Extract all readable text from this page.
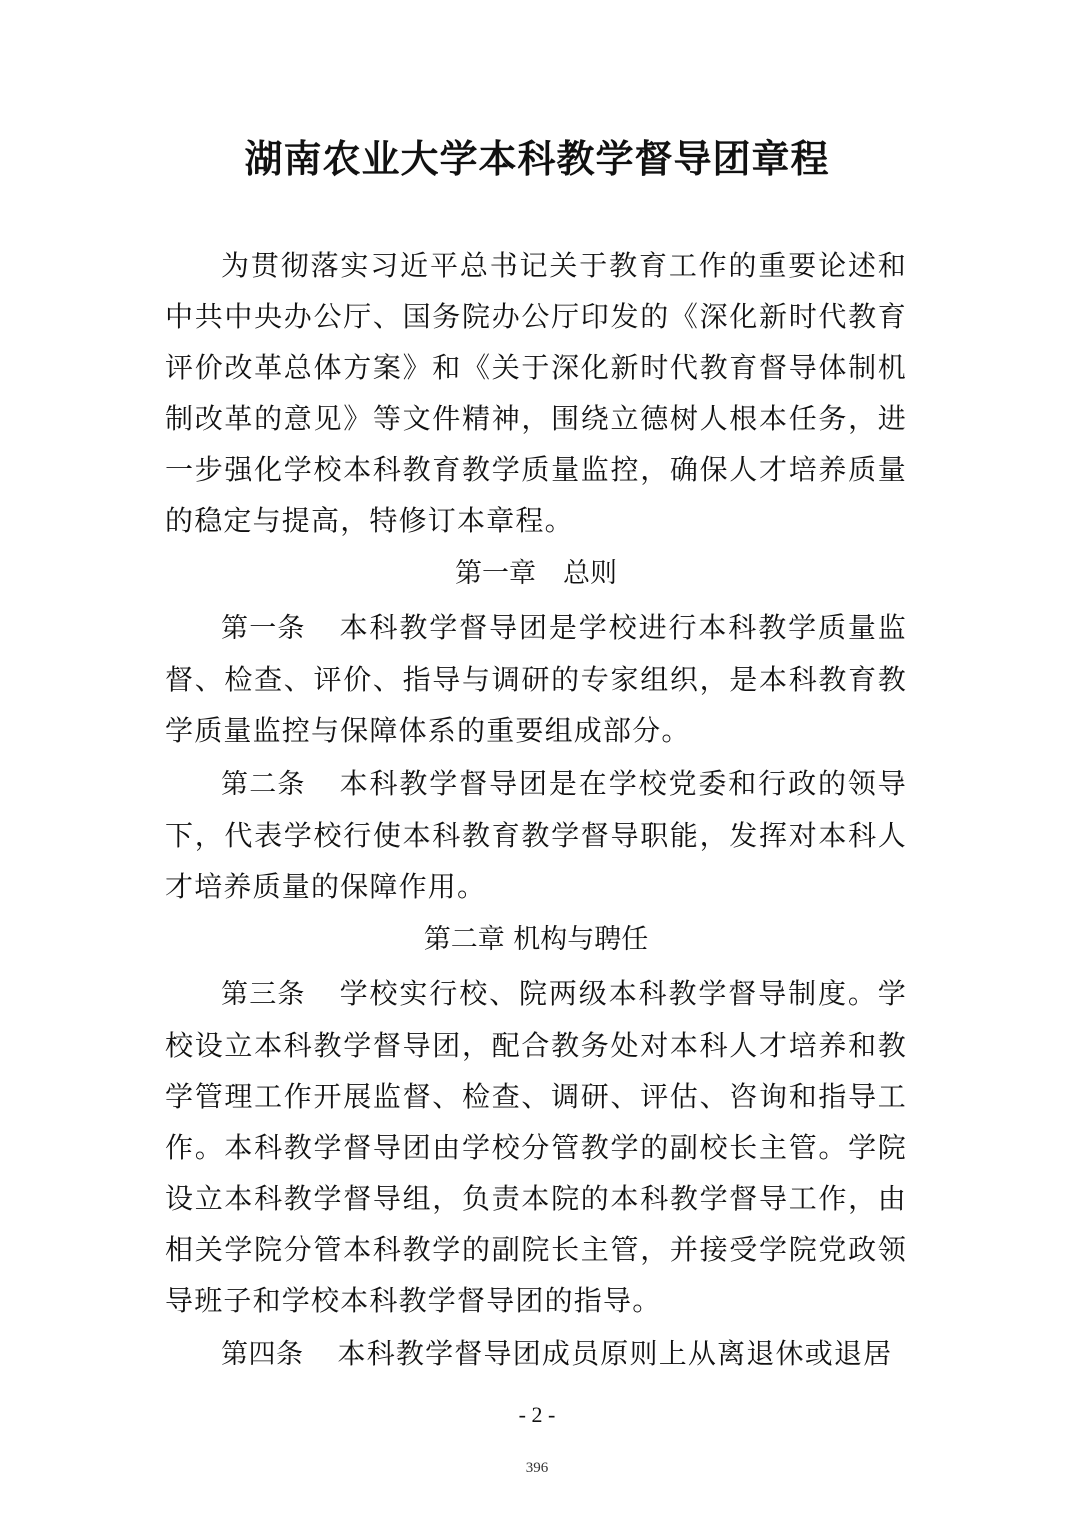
湖南农业大学本科教学督导团章程

为贯彻落实习近平总书记关于教育工作的重要论述和中共中央办公厅、国务院办公厅印发的《深化新时代教育评价改革总体方案》和《关于深化新时代教育督导体制机制改革的意见》等文件精神，围绕立德树人根本任务，进一步强化学校本科教育教学质量监控，确保人才培养质量的稳定与提高，特修订本章程。

第一章　总则

第一条 本科教学督导团是学校进行本科教学质量监督、检查、评价、指导与调研的专家组织，是本科教育教学质量监控与保障体系的重要组成部分。

第二条 本科教学督导团是在学校党委和行政的领导下，代表学校行使本科教育教学督导职能，发挥对本科人才培养质量的保障作用。

第二章 机构与聘任

第三条 学校实行校、院两级本科教学督导制度。学校设立本科教学督导团，配合教务处对本科人才培养和教学管理工作开展监督、检查、调研、评估、咨询和指导工作。本科教学督导团由学校分管教学的副校长主管。学院设立本科教学督导组，负责本院的本科教学督导工作，由相关学院分管本科教学的副院长主管，并接受学院党政领导班子和学校本科教学督导团的指导。

第四条 本科教学督导团成员原则上从离退休或退居

- 2 -
396
